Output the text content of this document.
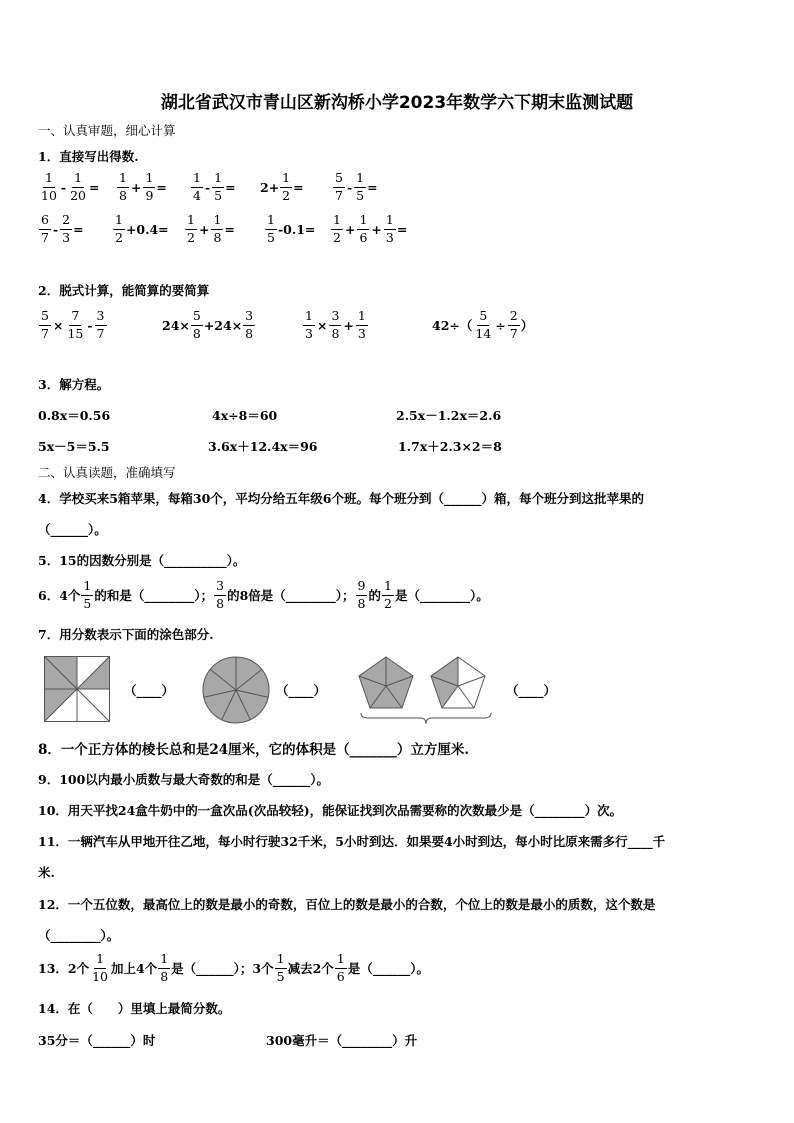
湖北省武汉市青山区新沟桥小学2023年数学六下期末监测试题
一、认真审题，细心计算
1．直接写出得数.
$\frac{1}{10} - \frac{1}{20} = \frac{1}{8} + \frac{1}{9} = \frac{1}{4} - \frac{1}{5} = 2+ \frac{1}{2} = \frac{5}{7} - \frac{1}{5}$ =
$\frac{6}{7} - \frac{2}{3} = \frac{1}{2} +0.4= \frac{1}{2} + \frac{1}{8} = \frac{1}{5} -0.1= \frac{1}{2} + \frac{1}{6} + \frac{1}{3}$ =
2．脱式计算，能简算的要简算
$\frac{5}{7} \times \frac{7}{15} - \frac{3}{7}$	$24\times \frac{5}{8} +24\times \frac{3}{8}$	$\frac{1}{3} \times \frac{3}{8} + \frac{1}{3}$	$42\div( \frac{5}{14} \div \frac{2}{7}$ ）
3．解方程。
0.8x＝0.56	4x÷8＝60	2.5x－1.2x＝2.6
5x－5＝5.5	3.6x＋12.4x＝96	1.7x＋2.3×2＝8
二、认真读题，准确填写
4．学校买来5箱苹果，每箱30个，平均分给五年级6个班。每个班分到（______）箱，每个班分到这批苹果的
（______）。
5．15的因数分别是（__________）。
6．4个 $\frac{1}{5}$ 的和是（________）； $\frac{3}{8}$ 的8倍是（________）； $\frac{9}{8}$ 的 $\frac{1}{2}$ 是（________）。
7．用分数表示下面的涂色部分.
（____）	（____）	（____）
8．一个正方体的棱长总和是24厘米，它的体积是（_______）立方厘米.
9．100以内最小质数与最大奇数的和是（______）。
10．用天平找24盒牛奶中的一盒次品(次品较轻)，能保证找到次品需要称的次数最少是（________）次。
11．一辆汽车从甲地开往乙地，每小时行驶32千米，5小时到达．如果要4小时到达，每小时比原来需多行____千
米.
12．一个五位数，最高位上的数是最小的奇数，百位上的数是最小的合数，个位上的数是最小的质数，这个数是
（________）。
13．2个 $\frac{1}{10}$ 加上4个 $\frac{1}{8}$ 是（______）；3个 $\frac{1}{5}$ 减去2个 $\frac{1}{6}$ 是（______）。
14．在（　　）里填上最简分数。
35分＝（______）时	300毫升＝（________）升
